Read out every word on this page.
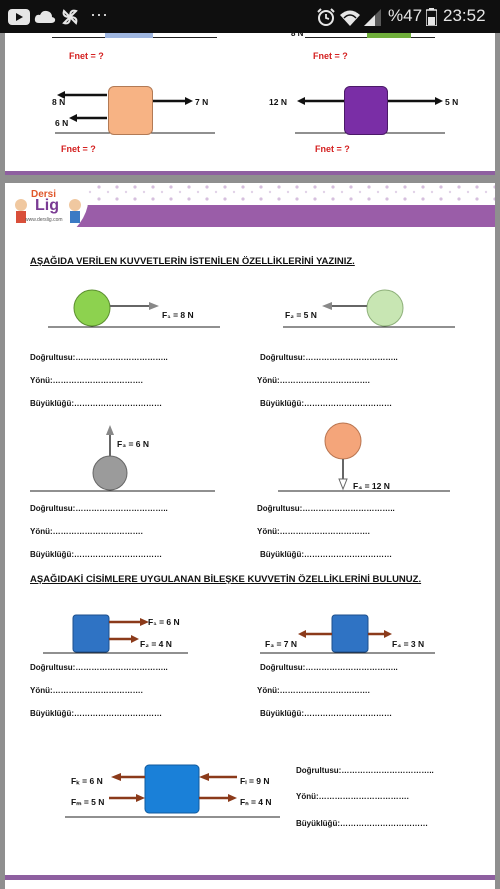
···	%47 23:52
8 N
Fnet = ?	Fnet = ?
8 N	7 N
6 N
Fnet = ?
12 N	5 N
Fnet = ?
Dersi
Lig
www.derslig.com
AŞAĞIDA VERİLEN KUVVETLERİN İSTENİLEN ÖZELLİKLERİNİ YAZINIZ.
F₁ = 8 N	F₂ = 5 N
Doğrultusu:……………………………..
Yönü:…………………………….
Büyüklüğü:……………………………
Doğrultusu:……………………………..
Yönü:…………………………….
Büyüklüğü:……………………………
F₃ = 6 N
F₄ = 12 N
Doğrultusu:……………………………..
Yönü:…………………………….
Büyüklüğü:……………………………
Doğrultusu:……………………………..
Yönü:…………………………….
Büyüklüğü:……………………………
AŞAĞIDAKİ CİSİMLERE UYGULANAN BİLEŞKE KUVVETİN ÖZELLİKLERİNİ BULUNUZ.
F₁ = 6 N
F₂ = 4 N	F₃ = 7 N	F₄ = 3 N
Doğrultusu:……………………………..
Yönü:…………………………….
Büyüklüğü:……………………………
Doğrultusu:……………………………..
Yönü:…………………………….
Büyüklüğü:……………………………
Fₖ = 6 N
Fₘ = 5 N
Fₗ = 9 N
Fₙ = 4 N
Doğrultusu:……………………………..
Yönü:…………………………….
Büyüklüğü:……………………………
